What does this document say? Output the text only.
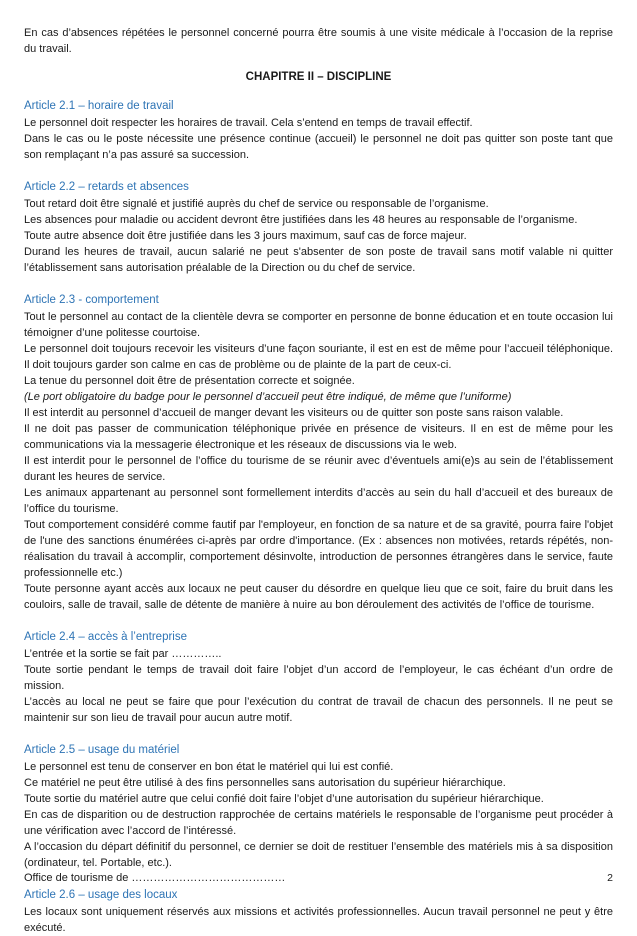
En cas d’absences répétées le personnel concerné pourra être soumis à une visite médicale à l’occasion de la reprise du travail.

CHAPITRE II – DISCIPLINE
Article 2.1 – horaire de travail

Le personnel doit respecter les horaires de travail. Cela s’entend en temps de travail effectif.

Dans le cas ou le poste nécessite une présence continue (accueil) le personnel ne doit pas quitter son poste tant que son remplaçant n’a pas assuré sa succession.

Article 2.2 – retards et absences

Tout retard doit être signalé et justifié auprès du chef de service ou responsable de l’organisme.

Les absences pour maladie ou accident devront être justifiées dans les 48 heures au responsable de l’organisme.

Toute autre absence doit être justifiée dans les 3 jours maximum, sauf cas de force majeur.

Durand les heures de travail, aucun salarié ne peut s'absenter de son poste de travail sans motif valable ni quitter l’établissement sans autorisation préalable de la Direction ou du chef de service.

Article 2.3 - comportement

Tout le personnel au contact de la clientèle devra se comporter en personne de bonne éducation et en toute occasion lui témoigner d’une politesse courtoise.

Le personnel doit toujours recevoir les visiteurs d’une façon souriante, il est en est de même pour l’accueil téléphonique. Il doit toujours garder son calme en cas de problème ou de plainte de la part de ceux-ci.

La tenue du personnel doit être de présentation correcte et soignée.

(Le port obligatoire du badge pour le personnel d’accueil peut être indiqué, de même que l’uniforme)

Il est interdit au personnel d’accueil de manger devant les visiteurs ou de quitter son poste sans raison valable.

Il ne doit pas passer de communication téléphonique privée en présence de visiteurs. Il en est de même pour les communications via la messagerie électronique et les réseaux de discussions via le web.

Il est interdit pour le personnel de l’office du tourisme de se réunir avec d’éventuels ami(e)s au sein de l’établissement durant les heures de service.

Les animaux appartenant au personnel sont formellement interdits d’accès au sein du hall d’accueil et des bureaux de l’office du tourisme.

Tout comportement considéré comme fautif par l'employeur, en fonction de sa nature et de sa gravité, pourra faire l'objet de l'une des sanctions énumérées ci-après par ordre d'importance. (Ex : absences non motivées, retards répétés, non-réalisation du travail à accomplir, comportement désinvolte, introduction de personnes étrangères dans le service, faute professionnelle etc.)

Toute personne ayant accès aux locaux ne peut causer du désordre en quelque lieu que ce soit, faire du bruit dans les couloirs, salle de travail, salle de détente de manière à nuire au bon déroulement des activités de l’office de tourisme.

Article 2.4 – accès à l’entreprise

L’entrée et la sortie se fait par …………..

Toute sortie pendant le temps de travail doit faire l’objet d’un accord de l’employeur, le cas échéant d’un ordre de mission.

L’accès au local ne peut se faire que pour l’exécution du contrat de travail de chacun des personnels. Il ne peut se maintenir sur son lieu de travail pour aucun autre motif.

Article 2.5 – usage du matériel

Le personnel est tenu de conserver en bon état le matériel qui lui est confié.

Ce matériel ne peut être utilisé à des fins personnelles sans autorisation du supérieur hiérarchique.

Toute sortie du matériel autre que celui confié doit faire l’objet d’une autorisation du supérieur hiérarchique.

En cas de disparition ou de destruction rapprochée de certains matériels le responsable de l’organisme peut procéder à une vérification avec l’accord de l’intéressé.

A l’occasion du départ définitif du personnel, ce dernier se doit de restituer l’ensemble des matériels mis à sa disposition (ordinateur, tel. Portable, etc.).

Article 2.6 – usage des locaux

Les locaux sont uniquement réservés aux missions et activités professionnelles. Aucun travail personnel ne peut y être exécuté.

Office de tourisme de ……………………………………	2
